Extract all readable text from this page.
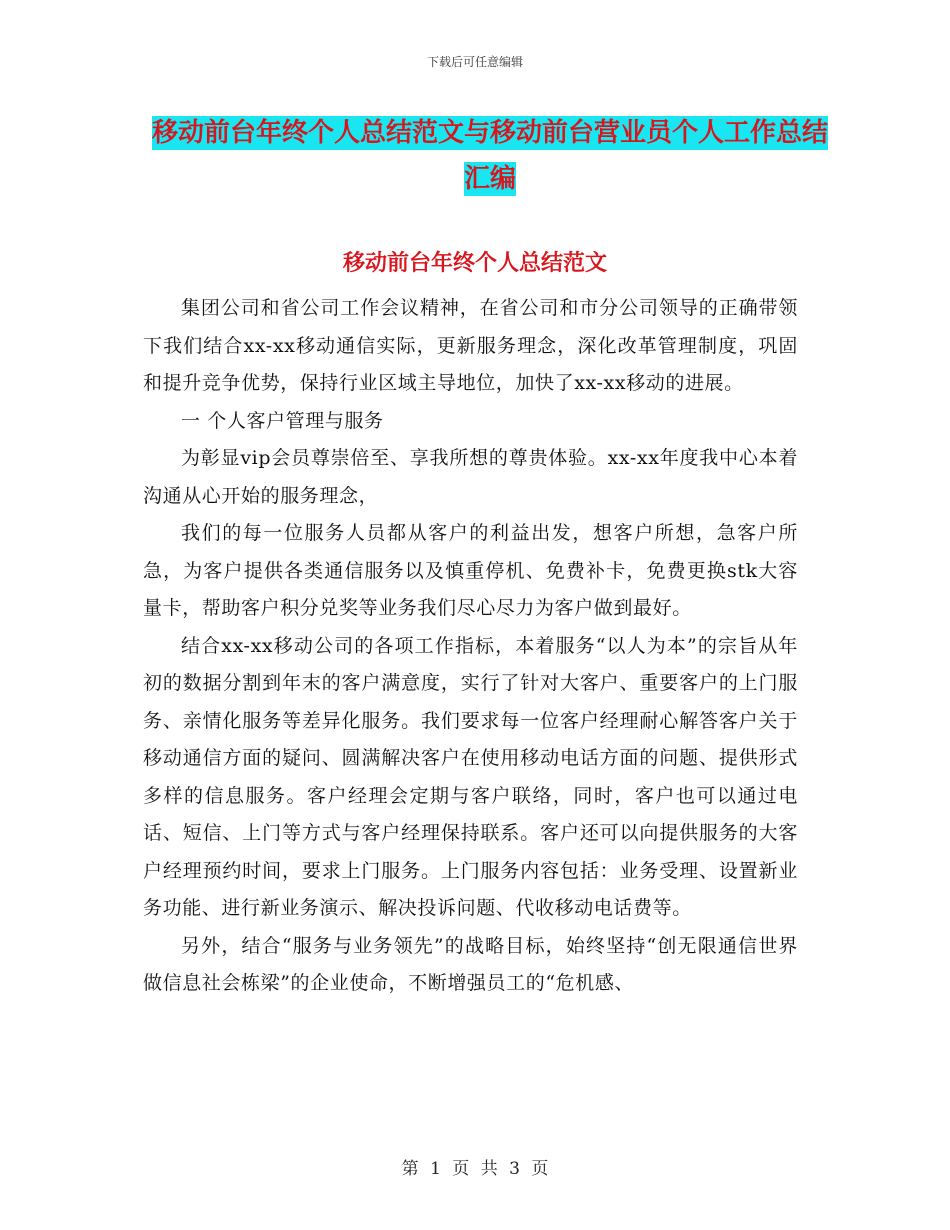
下载后可任意编辑
移动前台年终个人总结范文与移动前台营业员个人工作总结汇编
移动前台年终个人总结范文

集团公司和省公司工作会议精神，在省公司和市分公司领导的正确带领下我们结合xx-xx移动通信实际，更新服务理念，深化改革管理制度，巩固和提升竞争优势，保持行业区域主导地位，加快了xx-xx移动的进展。

一 个人客户管理与服务

为彰显vip会员尊崇倍至、享我所想的尊贵体验。xx-xx年度我中心本着沟通从心开始的服务理念，

我们的每一位服务人员都从客户的利益出发，想客户所想，急客户所急，为客户提供各类通信服务以及慎重停机、免费补卡，免费更换stk大容量卡，帮助客户积分兑奖等业务我们尽心尽力为客户做到最好。

结合xx-xx移动公司的各项工作指标，本着服务“以人为本”的宗旨从年初的数据分割到年末的客户满意度，实行了针对大客户、重要客户的上门服务、亲情化服务等差异化服务。我们要求每一位客户经理耐心解答客户关于移动通信方面的疑问、圆满解决客户在使用移动电话方面的问题、提供形式多样的信息服务。客户经理会定期与客户联络，同时，客户也可以通过电话、短信、上门等方式与客户经理保持联系。客户还可以向提供服务的大客户经理预约时间，要求上门服务。上门服务内容包括：业务受理、设置新业务功能、进行新业务演示、解决投诉问题、代收移动电话费等。

另外，结合“服务与业务领先”的战略目标，始终坚持“创无限通信世界 做信息社会栋梁”的企业使命，不断增强员工的“危机感、

第 1 页 共 3 页
